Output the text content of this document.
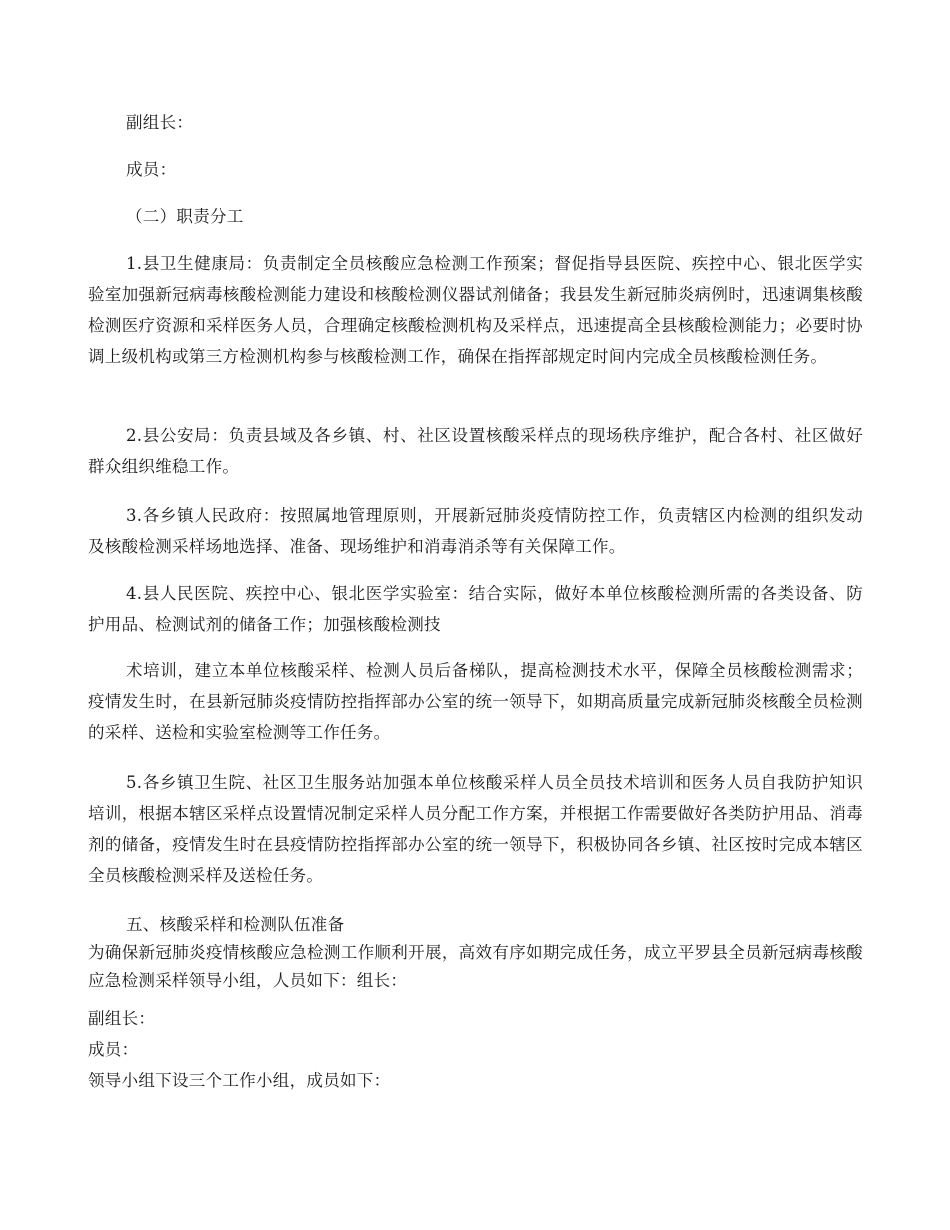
副组长：

成员：

（二）职责分工

1.县卫生健康局：负责制定全员核酸应急检测工作预案；督促指导县医院、疾控中心、银北医学实验室加强新冠病毒核酸检测能力建设和核酸检测仪器试剂储备；我县发生新冠肺炎病例时，迅速调集核酸检测医疗资源和采样医务人员，合理确定核酸检测机构及采样点，迅速提高全县核酸检测能力；必要时协调上级机构或第三方检测机构参与核酸检测工作，确保在指挥部规定时间内完成全员核酸检测任务。

2.县公安局：负责县域及各乡镇、村、社区设置核酸采样点的现场秩序维护，配合各村、社区做好群众组织维稳工作。

3.各乡镇人民政府：按照属地管理原则，开展新冠肺炎疫情防控工作，负责辖区内检测的组织发动及核酸检测采样场地选择、准备、现场维护和消毒消杀等有关保障工作。

4.县人民医院、疾控中心、银北医学实验室：结合实际，做好本单位核酸检测所需的各类设备、防护用品、检测试剂的储备工作；加强核酸检测技

术培训，建立本单位核酸采样、检测人员后备梯队，提高检测技术水平，保障全员核酸检测需求；疫情发生时，在县新冠肺炎疫情防控指挥部办公室的统一领导下，如期高质量完成新冠肺炎核酸全员检测的采样、送检和实验室检测等工作任务。

5.各乡镇卫生院、社区卫生服务站加强本单位核酸采样人员全员技术培训和医务人员自我防护知识培训，根据本辖区采样点设置情况制定采样人员分配工作方案，并根据工作需要做好各类防护用品、消毒剂的储备，疫情发生时在县疫情防控指挥部办公室的统一领导下，积极协同各乡镇、社区按时完成本辖区全员核酸检测采样及送检任务。

五、核酸采样和检测队伍准备

为确保新冠肺炎疫情核酸应急检测工作顺利开展，高效有序如期完成任务，成立平罗县全员新冠病毒核酸应急检测采样领导小组，人员如下：组长：

副组长：

成员：

领导小组下设三个工作小组，成员如下：
